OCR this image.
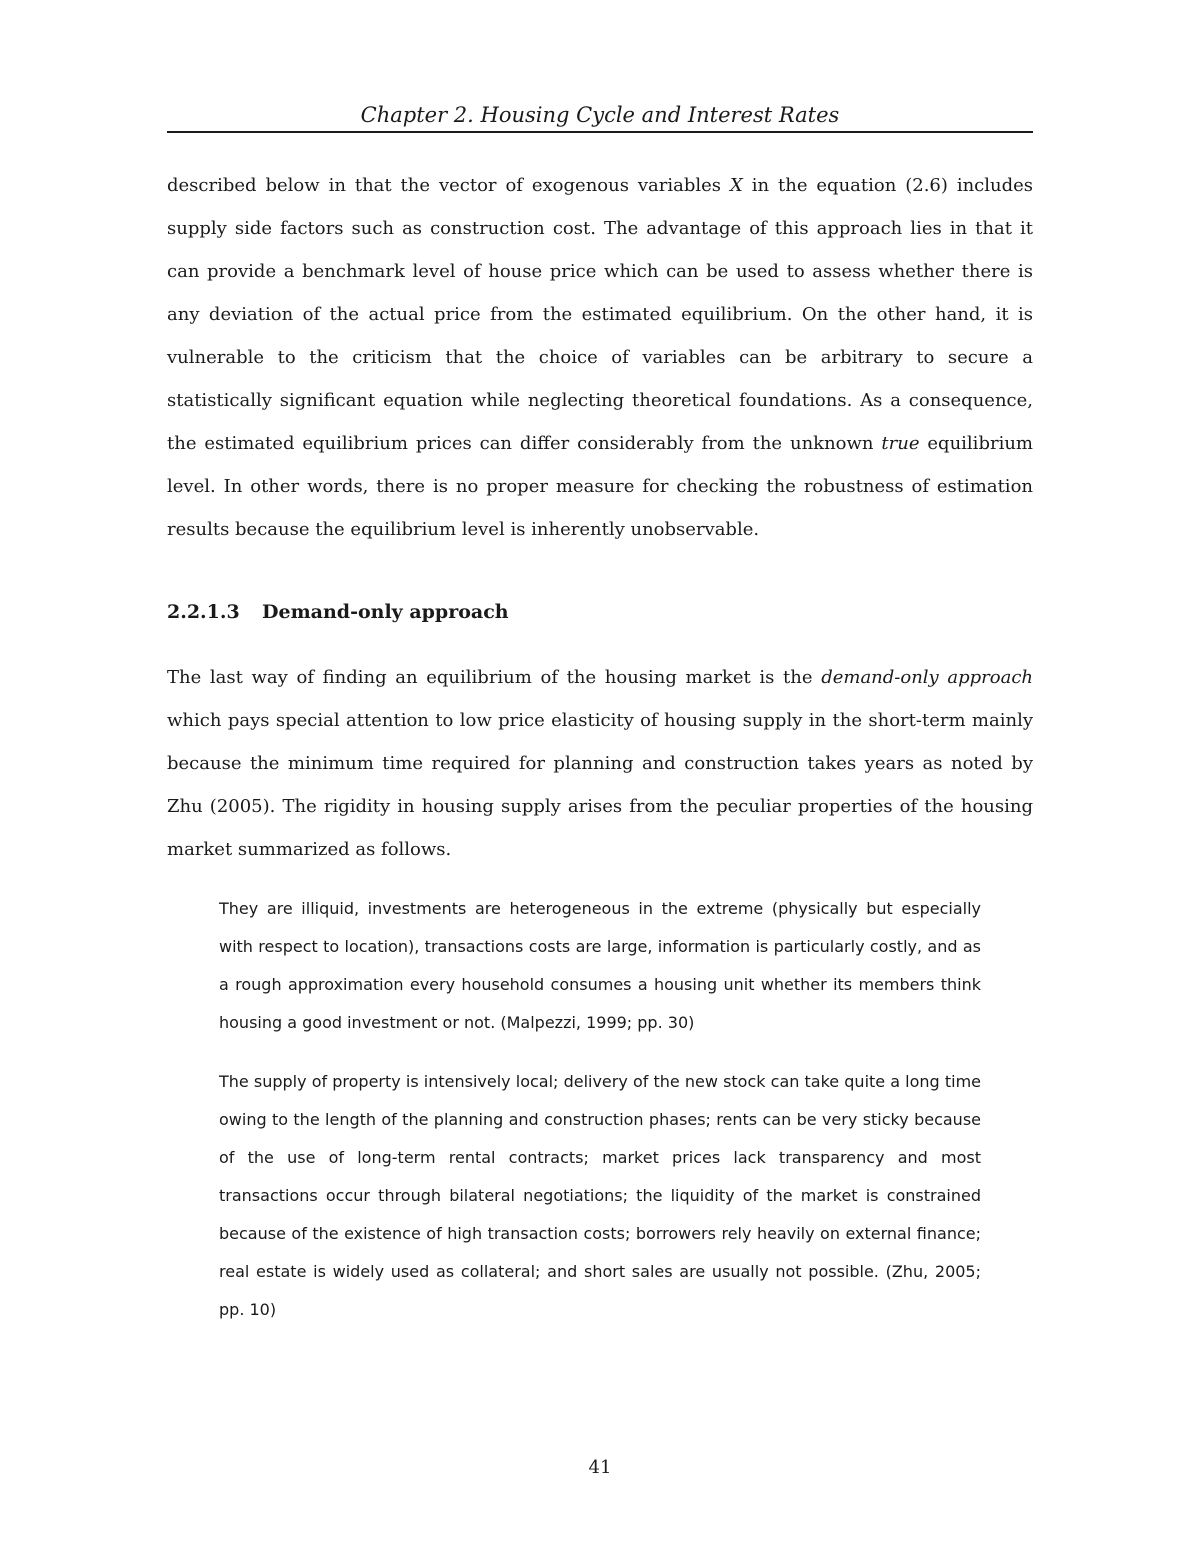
Chapter 2. Housing Cycle and Interest Rates

described below in that the vector of exogenous variables X in the equation (2.6) includes supply side factors such as construction cost. The advantage of this approach lies in that it can provide a benchmark level of house price which can be used to assess whether there is any deviation of the actual price from the estimated equilibrium. On the other hand, it is vulnerable to the criticism that the choice of variables can be arbitrary to secure a statistically significant equation while neglecting theoretical foundations. As a consequence, the estimated equilibrium prices can differ considerably from the unknown true equilibrium level. In other words, there is no proper measure for checking the robustness of estimation results because the equilibrium level is inherently unobservable.

2.2.1.3 Demand-only approach

The last way of finding an equilibrium of the housing market is the demand-only approach which pays special attention to low price elasticity of housing supply in the short-term mainly because the minimum time required for planning and construction takes years as noted by Zhu (2005). The rigidity in housing supply arises from the peculiar properties of the housing market summarized as follows.

They are illiquid, investments are heterogeneous in the extreme (physically but especially with respect to location), transactions costs are large, information is particularly costly, and as a rough approximation every household consumes a housing unit whether its members think housing a good investment or not. (Malpezzi, 1999; pp. 30)

The supply of property is intensively local; delivery of the new stock can take quite a long time owing to the length of the planning and construction phases; rents can be very sticky because of the use of long-term rental contracts; market prices lack transparency and most transactions occur through bilateral negotiations; the liquidity of the market is constrained because of the existence of high transaction costs; borrowers rely heavily on external finance; real estate is widely used as collateral; and short sales are usually not possible. (Zhu, 2005; pp. 10)

41
